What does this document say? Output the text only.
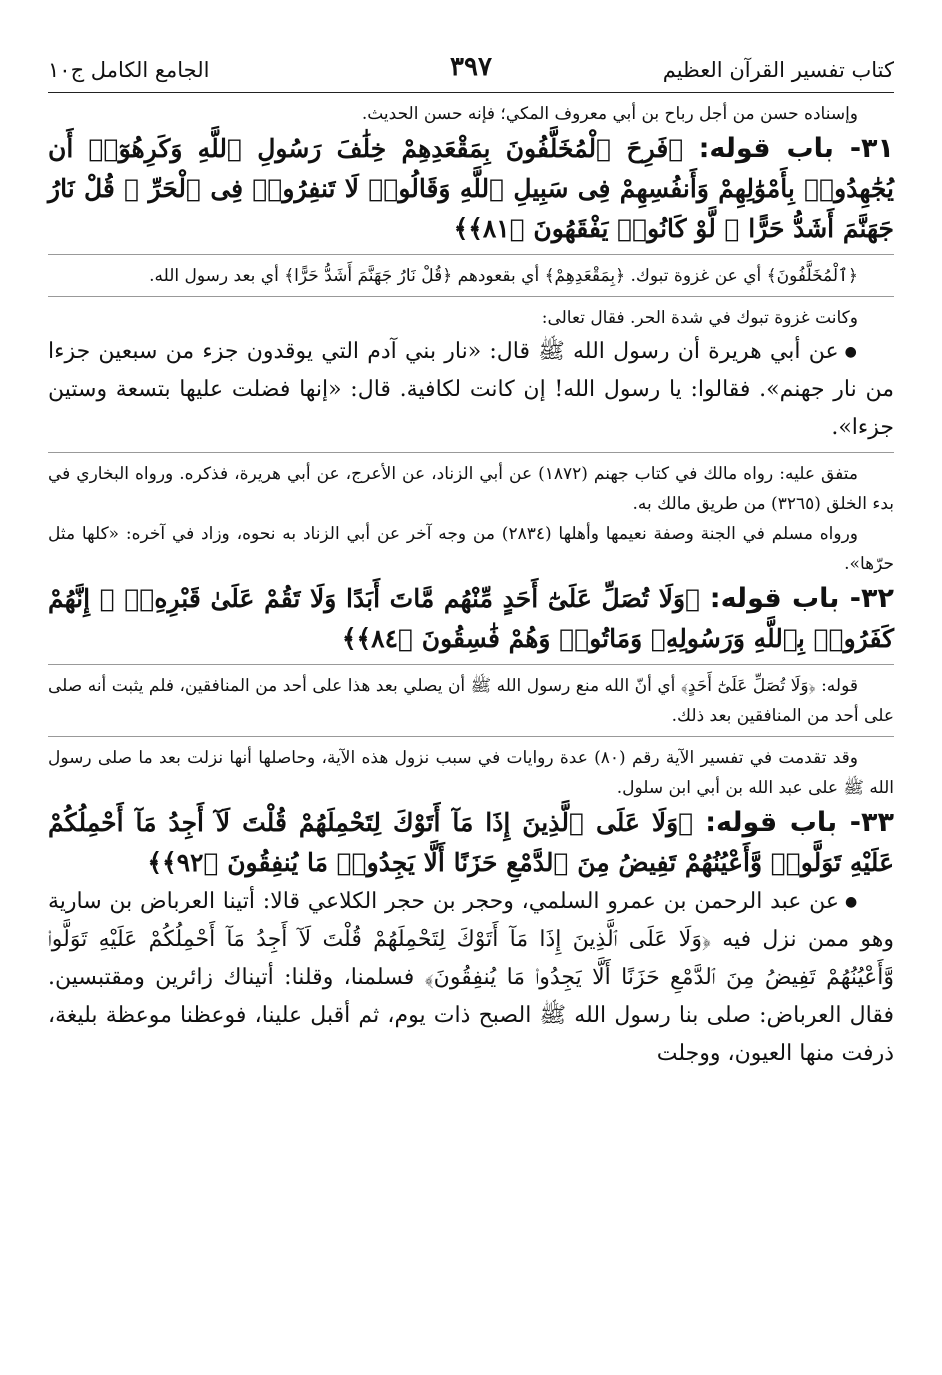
كتاب تفسير القرآن العظيم
٣٩٧
الجامع الكامل ج١٠

وإسناده حسن من أجل رباح بن أبي معروف المكي؛ فإنه حسن الحديث.

٣١- باب قوله: ﴿فَرِحَ ٱلْمُخَلَّفُونَ بِمَقْعَدِهِمْ خِلَٰفَ رَسُولِ ٱللَّهِ وَكَرِهُوٓا۟ أَن يُجَٰهِدُوا۟ بِأَمْوَٰلِهِمْ وَأَنفُسِهِمْ فِى سَبِيلِ ٱللَّهِ وَقَالُوا۟ لَا تَنفِرُوا۟ فِى ٱلْحَرِّ ۗ قُلْ نَارُ جَهَنَّمَ أَشَدُّ حَرًّا ۚ لَّوْ كَانُوا۟ يَفْقَهُونَ ﴿٨١﴾﴾

﴿ٱلْمُخَلَّفُونَ﴾ أي عن غزوة تبوك. ﴿بِمَقْعَدِهِمْ﴾ أي بقعودهم ﴿قُلْ نَارُ جَهَنَّمَ أَشَدُّ حَرًّا﴾ أي بعد رسول الله.

وكانت غزوة تبوك في شدة الحر. فقال تعالى:

●عن أبي هريرة أن رسول الله ﷺ قال: «نار بني آدم التي يوقدون جزء من سبعين جزءا من نار جهنم». فقالوا: يا رسول الله! إن كانت لكافية. قال: «إنها فضلت عليها بتسعة وستين جزءا».

متفق عليه: رواه مالك في كتاب جهنم (١٨٧٢) عن أبي الزناد، عن الأعرج، عن أبي هريرة، فذكره. ورواه البخاري في بدء الخلق (٣٢٦٥) من طريق مالك به.

ورواه مسلم في الجنة وصفة نعيمها وأهلها (٢٨٣٤) من وجه آخر عن أبي الزناد به نحوه، وزاد في آخره: «كلها مثل حرّها».

٣٢- باب قوله: ﴿وَلَا تُصَلِّ عَلَىٰٓ أَحَدٍ مِّنْهُم مَّاتَ أَبَدًا وَلَا تَقُمْ عَلَىٰ قَبْرِهِۦٓ ۖ إِنَّهُمْ كَفَرُوا۟ بِٱللَّهِ وَرَسُولِهِۦ وَمَاتُوا۟ وَهُمْ فَٰسِقُونَ ﴿٨٤﴾﴾

قوله: ﴿وَلَا تُصَلِّ عَلَىٰٓ أَحَدٍ﴾ أي أنّ الله منع رسول الله ﷺ أن يصلي بعد هذا على أحد من المنافقين، فلم يثبت أنه صلى على أحد من المنافقين بعد ذلك.

وقد تقدمت في تفسير الآية رقم (٨٠) عدة روايات في سبب نزول هذه الآية، وحاصلها أنها نزلت بعد ما صلى رسول الله ﷺ على عبد الله بن أبي ابن سلول.

٣٣- باب قوله: ﴿وَلَا عَلَى ٱلَّذِينَ إِذَا مَآ أَتَوْكَ لِتَحْمِلَهُمْ قُلْتَ لَآ أَجِدُ مَآ أَحْمِلُكُمْ عَلَيْهِ تَوَلَّوا۟ وَّأَعْيُنُهُمْ تَفِيضُ مِنَ ٱلدَّمْعِ حَزَنًا أَلَّا يَجِدُوا۟ مَا يُنفِقُونَ ﴿٩٢﴾﴾

●عن عبد الرحمن بن عمرو السلمي، وحجر بن حجر الكلاعي قالا: أتينا العرباض بن سارية وهو ممن نزل فيه ﴿وَلَا عَلَى ٱلَّذِينَ إِذَا مَآ أَتَوْكَ لِتَحْمِلَهُمْ قُلْتَ لَآ أَجِدُ مَآ أَحْمِلُكُمْ عَلَيْهِ تَوَلَّوا۟ وَّأَعْيُنُهُمْ تَفِيضُ مِنَ ٱلدَّمْعِ حَزَنًا أَلَّا يَجِدُوا۟ مَا يُنفِقُونَ﴾ فسلمنا، وقلنا: أتيناك زائرين ومقتبسين. فقال العرباض: صلى بنا رسول الله ﷺ الصبح ذات يوم، ثم أقبل علينا، فوعظنا موعظة بليغة، ذرفت منها العيون، ووجلت
